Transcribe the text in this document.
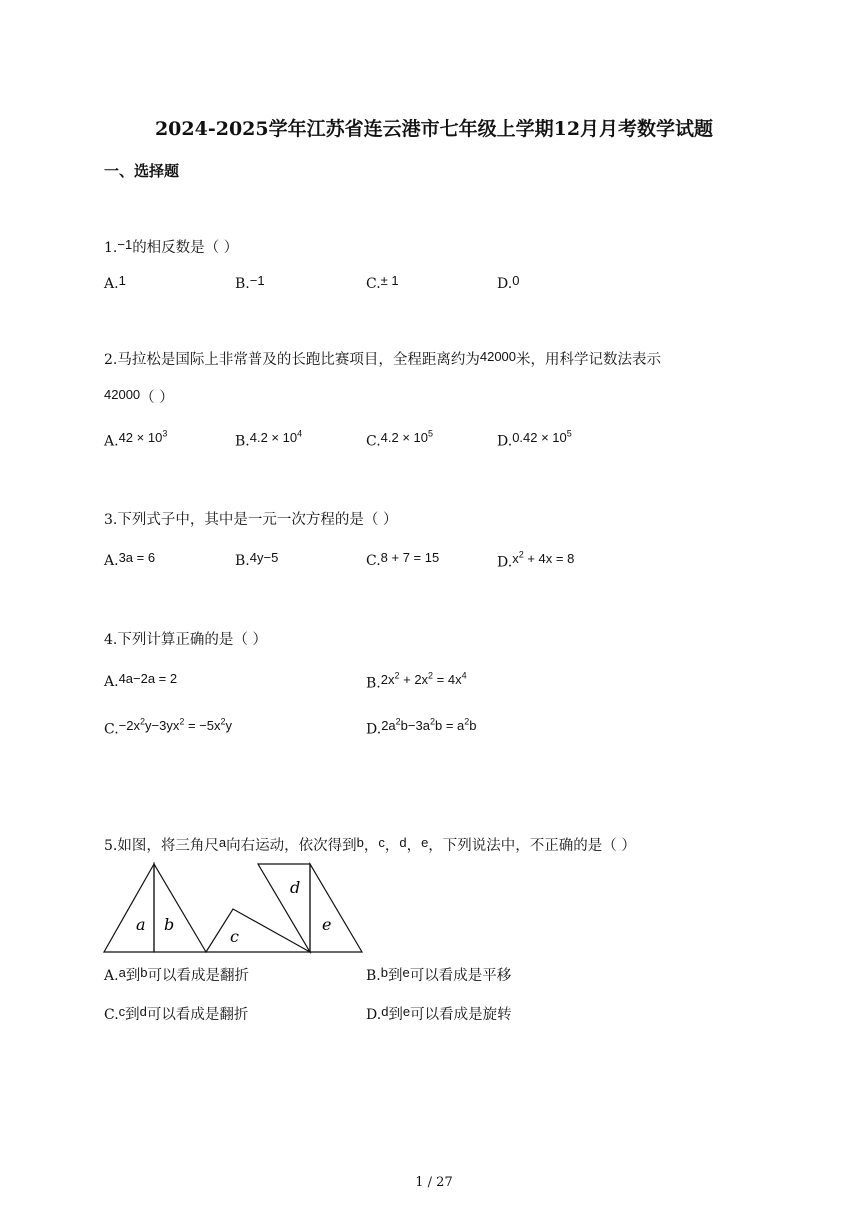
2024-2025学年江苏省连云港市七年级上学期12月月考数学试题
一、选择题
1.−1的相反数是（ ）
A.1	B.−1	C.± 1	D.0
2.马拉松是国际上非常普及的长跑比赛项目，全程距离约为42000米，用科学记数法表示
42000（ ）
$A.42 \times 10^3$	$B.4.2 \times 10^4$	$C.4.2 \times 10^5$	$D.0.42 \times 10^5$
3.下列式子中，其中是一元一次方程的是（ ）
A.3a = 6	B.4y−5	C.8 + 7 = 15	$D.x^2 + 4x = 8$
4.下列计算正确的是（ ）
A.4a−2a = 2	$B.2x^2 + 2x^2 = 4x^4$
$C.-2x^2y-3yx^2 = -5x^2y$	$D.2a^2b-3a^2b = a^2b$
5.如图，将三角尺a向右运动，依次得到b，c，d，e，下列说法中，不正确的是（ ）
a b
c
d
e
A.a到b可以看成是翻折	B.b到e可以看成是平移
C.c到d可以看成是翻折	D.d到e可以看成是旋转
1 / 27
